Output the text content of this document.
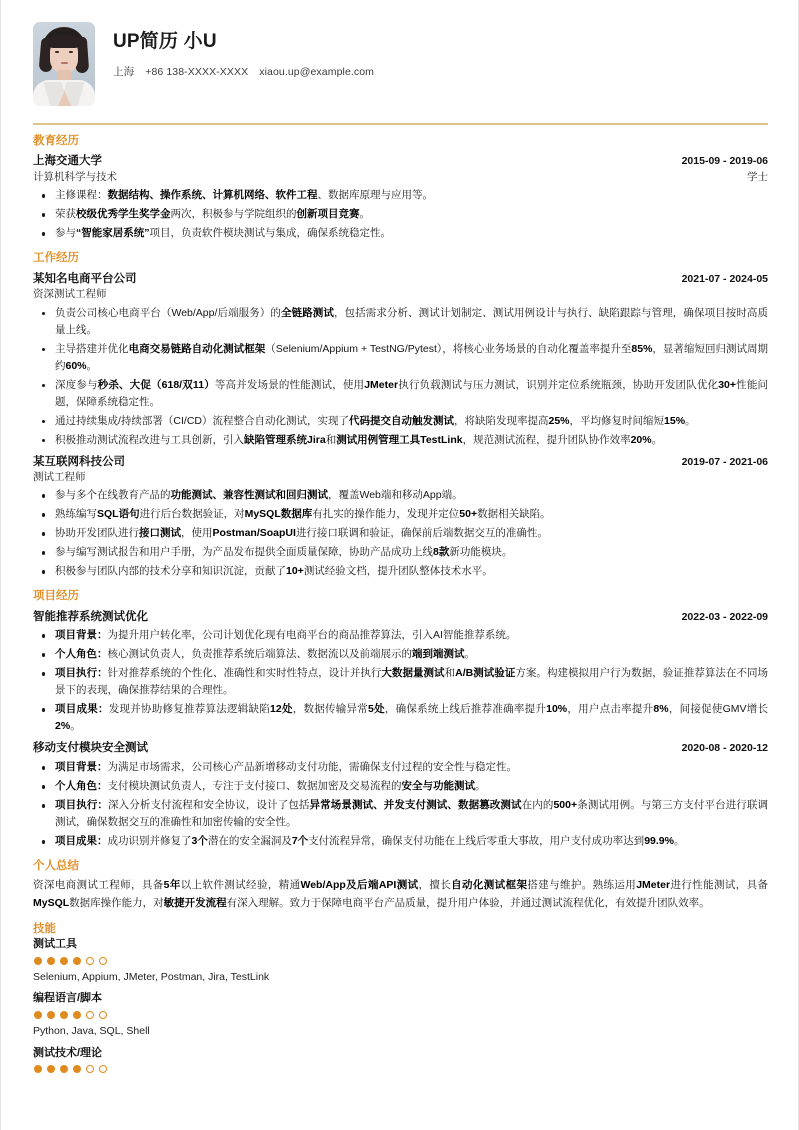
UP简历 小U
上海 +86 138-XXXX-XXXX xiaou.up@example.com
教育经历
上海交通大学	2015-09 - 2019-06
计算机科学与技术	学士
主修课程：数据结构、操作系统、计算机网络、软件工程、数据库原理与应用等。
荣获校级优秀学生奖学金两次，积极参与学院组织的创新项目竞赛。
参与“智能家居系统”项目，负责软件模块测试与集成，确保系统稳定性。
工作经历
某知名电商平台公司	2021-07 - 2024-05
资深测试工程师
负责公司核心电商平台（Web/App/后端服务）的全链路测试，包括需求分析、测试计划制定、测试用例设计与执行、缺陷跟踪与管理，确保项目按时高质量上线。
主导搭建并优化电商交易链路自动化测试框架（Selenium/Appium + TestNG/Pytest），将核心业务场景的自动化覆盖率提升至85%，显著缩短回归测试周期约60%。
深度参与秒杀、大促（618/双11）等高并发场景的性能测试，使用JMeter执行负载测试与压力测试，识别并定位系统瓶颈，协助开发团队优化30+性能问题，保障系统稳定性。
通过持续集成/持续部署（CI/CD）流程整合自动化测试，实现了代码提交自动触发测试，将缺陷发现率提高25%，平均修复时间缩短15%。
积极推动测试流程改进与工具创新，引入缺陷管理系统Jira和测试用例管理工具TestLink，规范测试流程，提升团队协作效率20%。
某互联网科技公司	2019-07 - 2021-06
测试工程师
参与多个在线教育产品的功能测试、兼容性测试和回归测试，覆盖Web端和移动App端。
熟练编写SQL语句进行后台数据验证，对MySQL数据库有扎实的操作能力，发现并定位50+数据相关缺陷。
协助开发团队进行接口测试，使用Postman/SoapUI进行接口联调和验证，确保前后端数据交互的准确性。
参与编写测试报告和用户手册，为产品发布提供全面质量保障，协助产品成功上线8款新功能模块。
积极参与团队内部的技术分享和知识沉淀，贡献了10+测试经验文档，提升团队整体技术水平。
项目经历
智能推荐系统测试优化	2022-03 - 2022-09
项目背景：为提升用户转化率，公司计划优化现有电商平台的商品推荐算法，引入AI智能推荐系统。
个人角色：核心测试负责人，负责推荐系统后端算法、数据流以及前端展示的端到端测试。
项目执行：针对推荐系统的个性化、准确性和实时性特点，设计并执行大数据量测试和A/B测试验证方案。构建模拟用户行为数据，验证推荐算法在不同场景下的表现，确保推荐结果的合理性。
项目成果：发现并协助修复推荐算法逻辑缺陷12处，数据传输异常5处，确保系统上线后推荐准确率提升10%，用户点击率提升8%，间接促使GMV增长2%。
移动支付模块安全测试	2020-08 - 2020-12
项目背景：为满足市场需求，公司核心产品新增移动支付功能，需确保支付过程的安全性与稳定性。
个人角色：支付模块测试负责人，专注于支付接口、数据加密及交易流程的安全与功能测试。
项目执行：深入分析支付流程和安全协议，设计了包括异常场景测试、并发支付测试、数据篡改测试在内的500+条测试用例。与第三方支付平台进行联调测试，确保数据交互的准确性和加密传输的安全性。
项目成果：成功识别并修复了3个潜在的安全漏洞及7个支付流程异常，确保支付功能在上线后零重大事故，用户支付成功率达到99.9%。
个人总结
资深电商测试工程师，具备5年以上软件测试经验，精通Web/App及后端API测试，擅长自动化测试框架搭建与维护。熟练运用JMeter进行性能测试，具备MySQL数据库操作能力，对敏捷开发流程有深入理解。致力于保障电商平台产品质量，提升用户体验，并通过测试流程优化，有效提升团队效率。
技能
测试工具
Selenium, Appium, JMeter, Postman, Jira, TestLink
编程语言/脚本
Python, Java, SQL, Shell
测试技术/理论
